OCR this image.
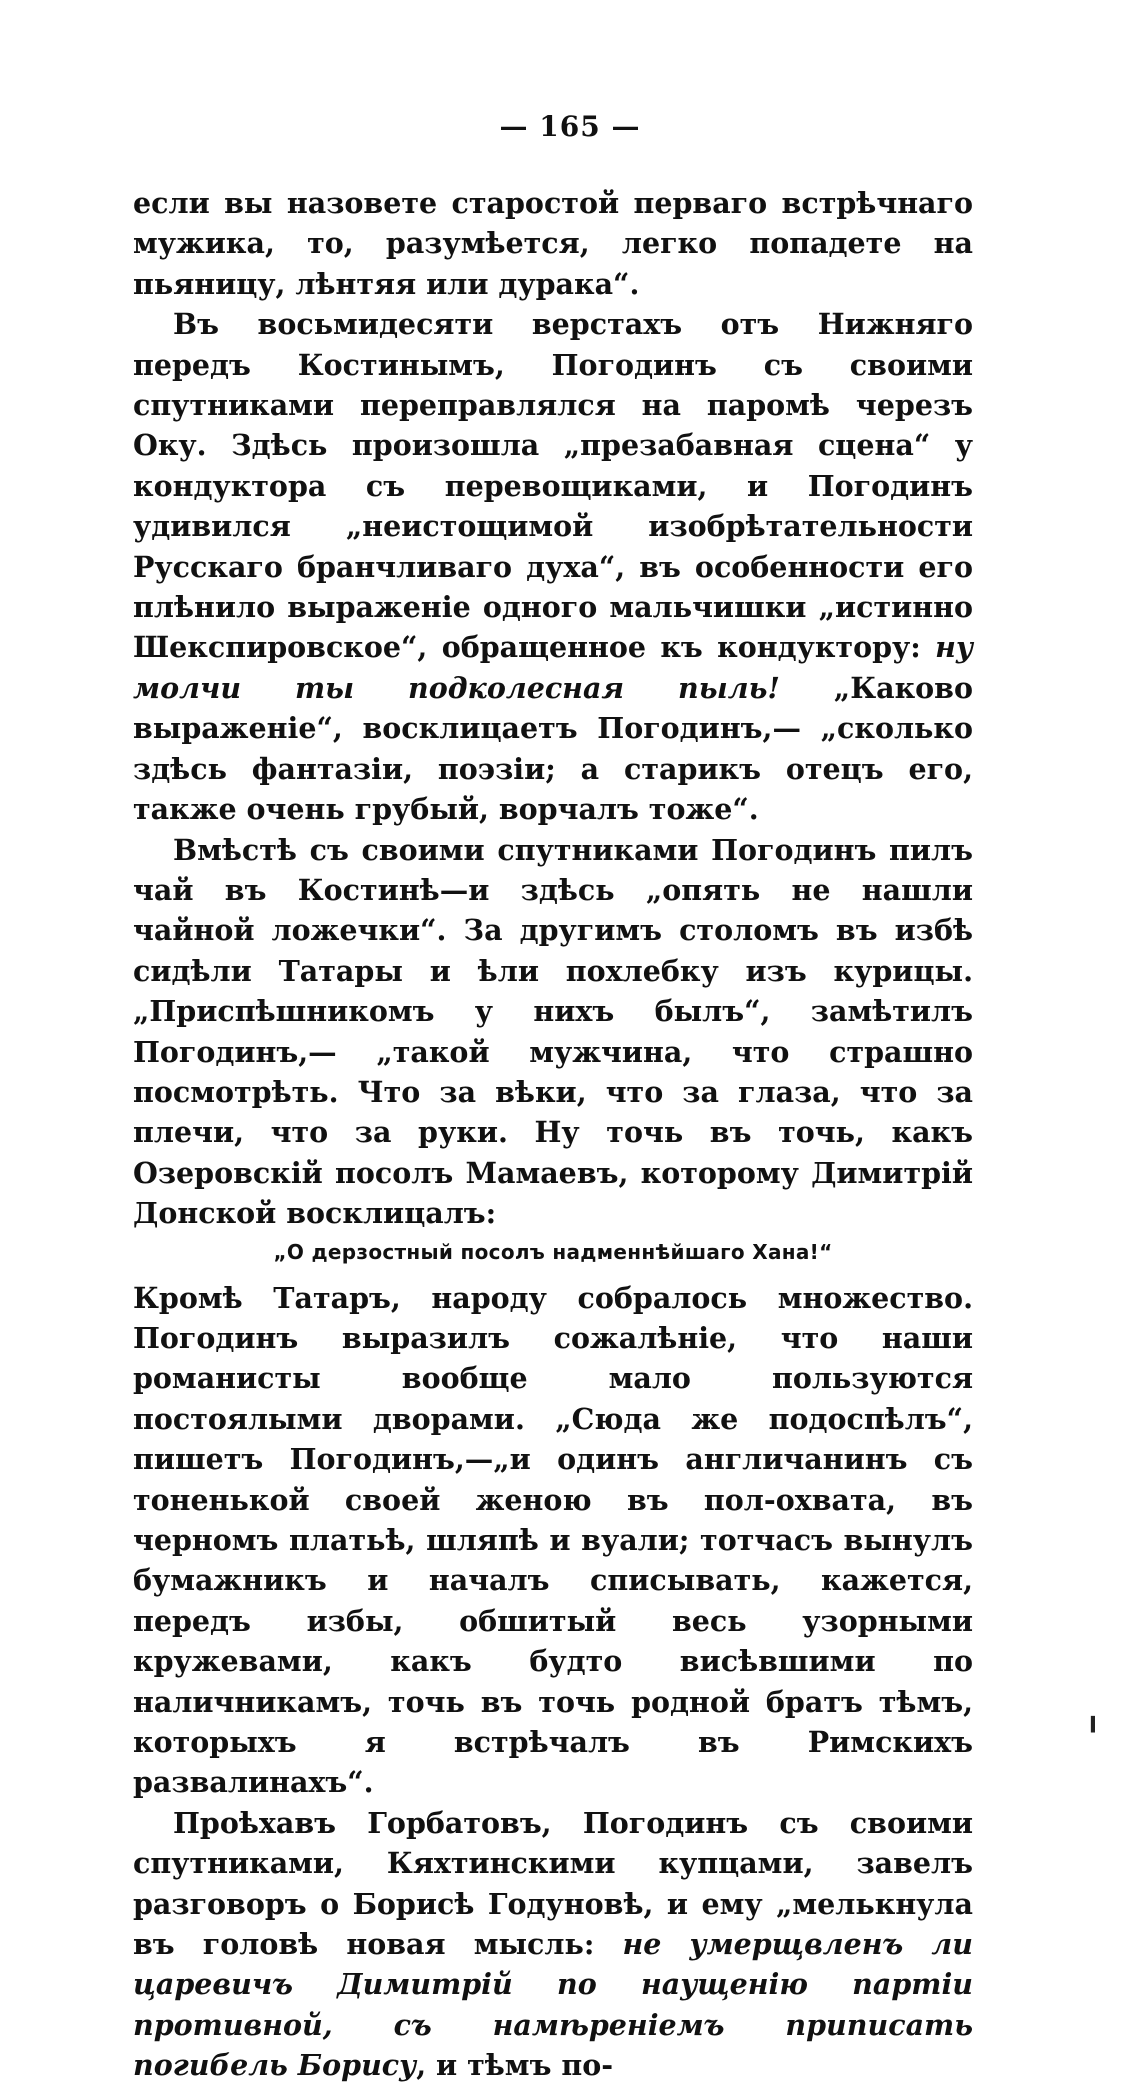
— 165 —

если вы назовете старостой перваго встрѣчнаго мужика, то, разумѣется, легко попадете на пьяницу, лѣнтяя или дурака“.

Въ восьмидесяти верстахъ отъ Нижняго передъ Костинымъ, Погодинъ съ своими спутниками переправлялся на паромѣ черезъ Оку. Здѣсь произошла „презабавная сцена“ у кондуктора съ перевощиками, и Погодинъ удивился „неистощимой изобрѣтательности Русскаго бранчливаго духа“, въ особенности его плѣнило выраженіе одного мальчишки „истинно Шекспировское“, обращенное къ кондуктору: ну молчи ты подколесная пыль! „Каково выраженіе“, восклицаетъ Погодинъ,— „сколько здѣсь фантазіи, поэзіи; а старикъ отецъ его, также очень грубый, ворчалъ тоже“.

Вмѣстѣ съ своими спутниками Погодинъ пилъ чай въ Костинѣ—и здѣсь „опять не нашли чайной ложечки“. За другимъ столомъ въ избѣ сидѣли Татары и ѣли похлебку изъ курицы. „Приспѣшникомъ у нихъ былъ“, замѣтилъ Погодинъ,— „такой мужчина, что страшно посмотрѣть. Что за вѣки, что за глаза, что за плечи, что за руки. Ну точь въ точь, какъ Озеровскій посолъ Мамаевъ, которому Димитрій Донской восклицалъ:

„О дерзостный посолъ надменнѣйшаго Хана!“

Кромѣ Татаръ, народу собралось множество. Погодинъ выразилъ сожалѣніе, что наши романисты вообще мало пользуются постоялыми дворами. „Сюда же подоспѣлъ“, пишетъ Погодинъ,—„и одинъ англичанинъ съ тоненькой своей женою въ пол-охвата, въ черномъ платьѣ, шляпѣ и вуали; тотчасъ вынулъ бумажникъ и началъ списывать, кажется, передъ избы, обшитый весь узорными кружевами, какъ будто висѣвшими по наличникамъ, точь въ точь родной братъ тѣмъ, которыхъ я встрѣчалъ въ Римскихъ развалинахъ“.

Проѣхавъ Горбатовъ, Погодинъ съ своими спутниками, Кяхтинскими купцами, завелъ разговоръ о Борисѣ Годуновѣ, и ему „мелькнула въ головѣ новая мысль: не умерщвленъ ли царевичъ Димитрій по наущенію партіи противной, съ намѣреніемъ приписать погибель Борису, и тѣмъ по-

▍
